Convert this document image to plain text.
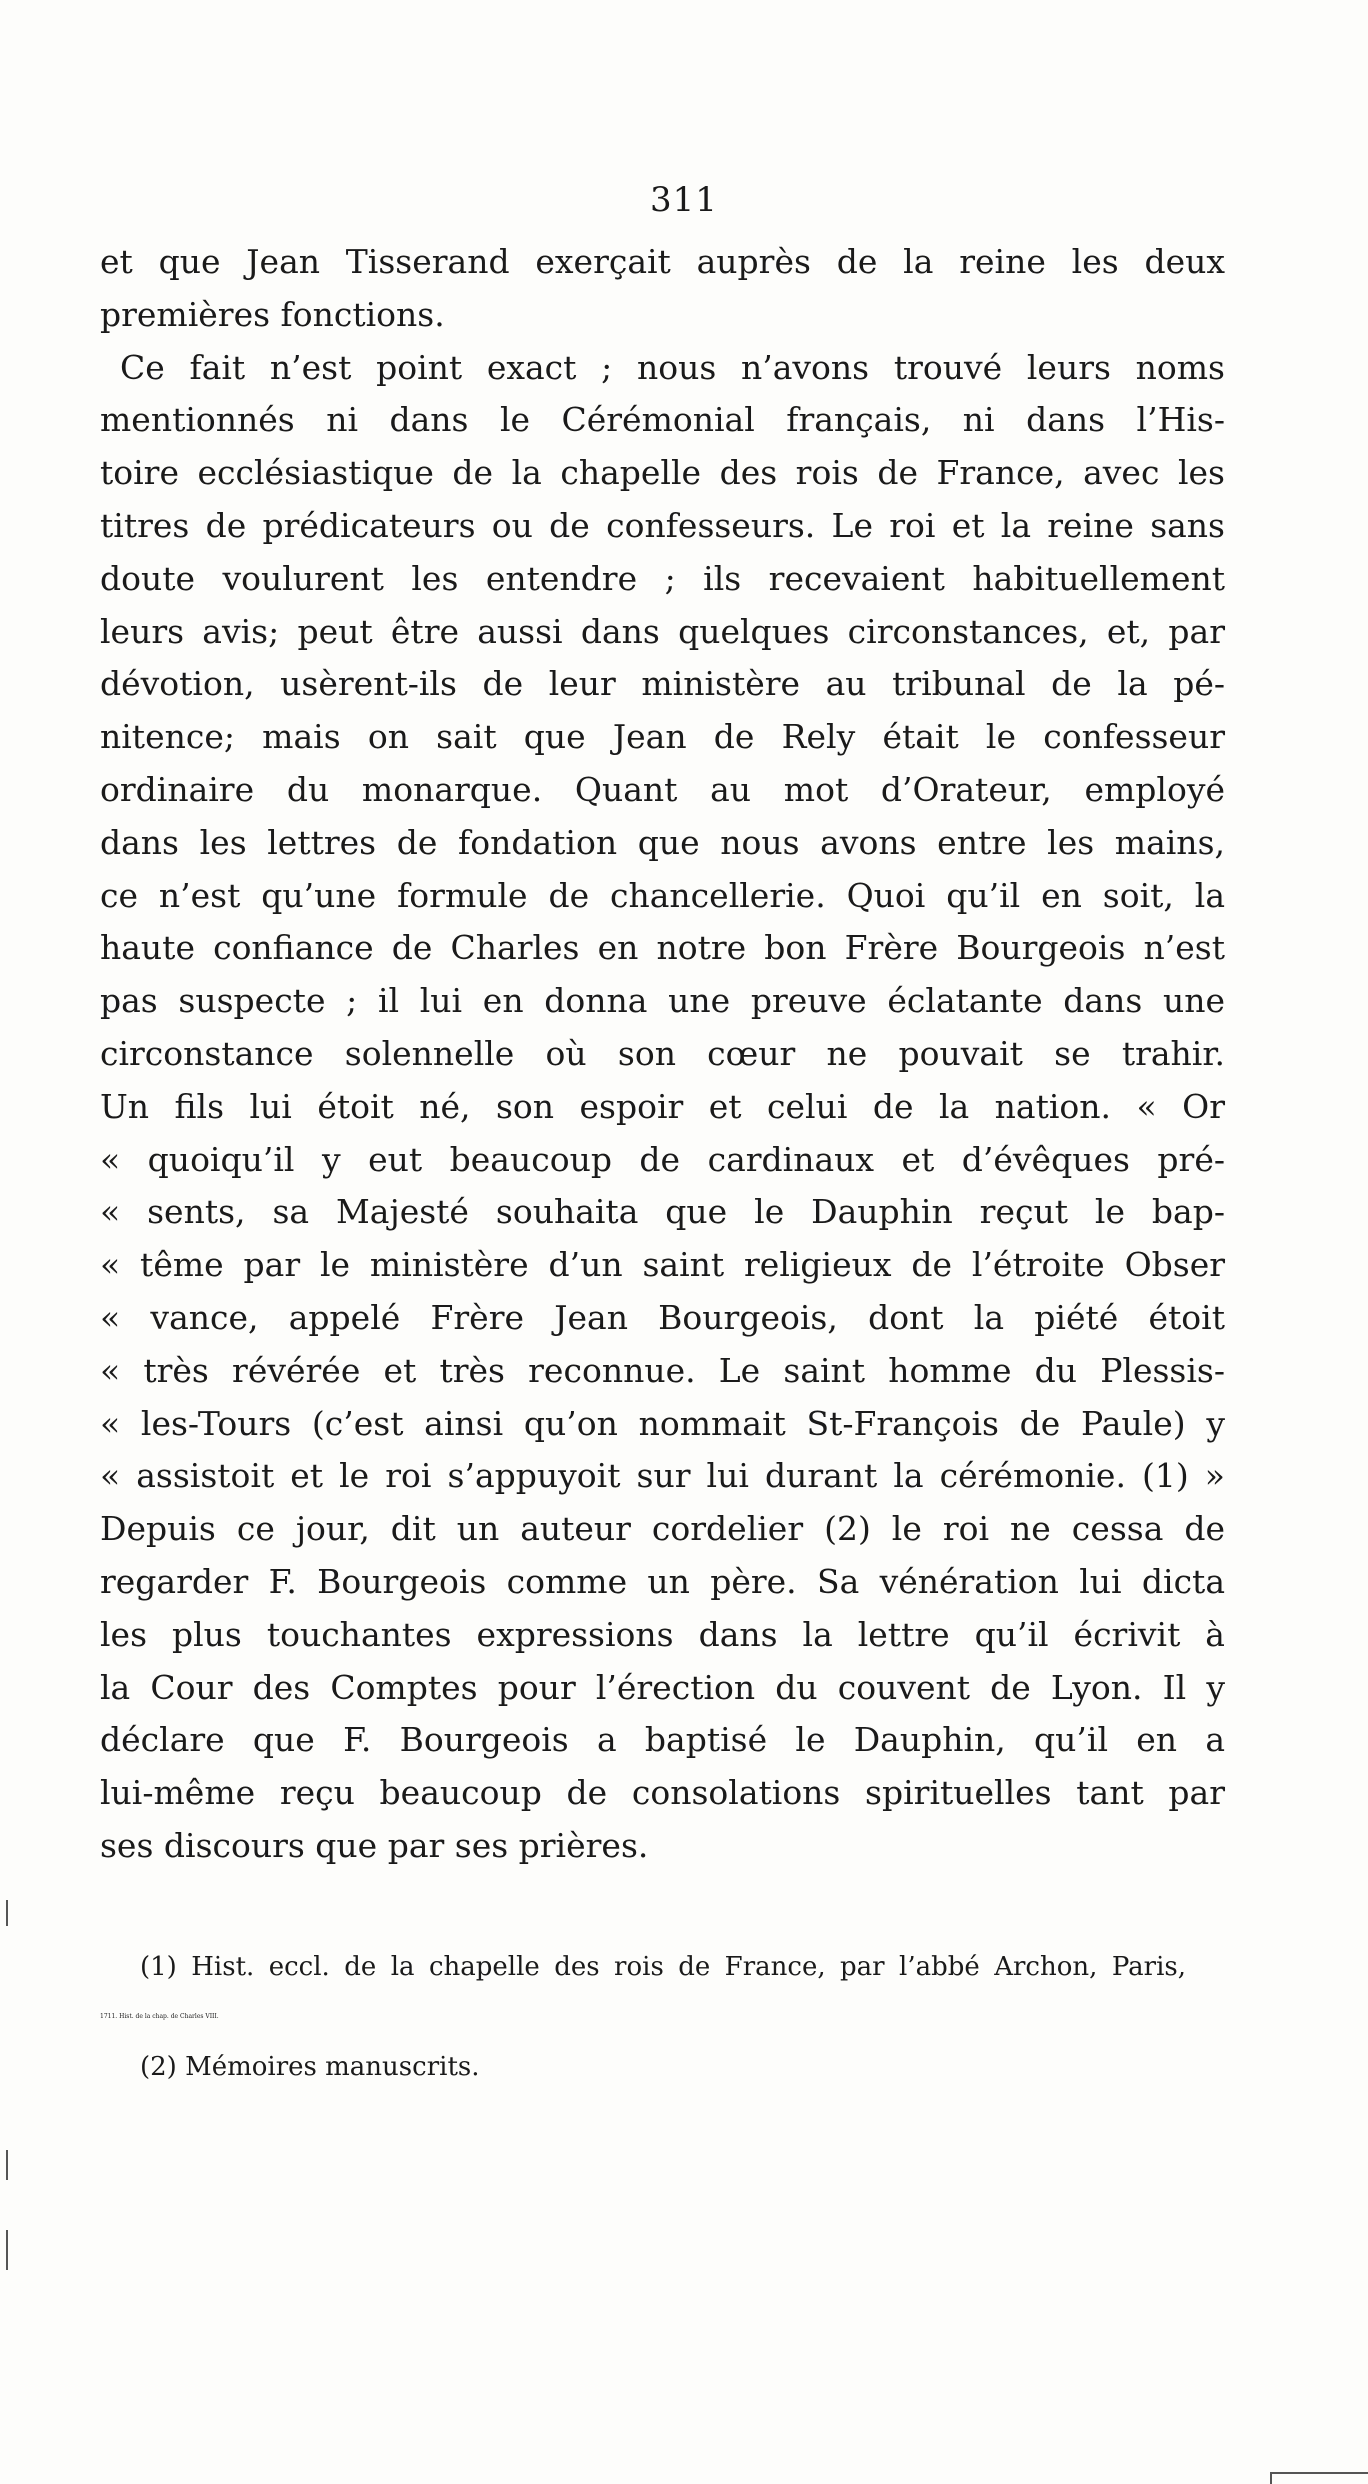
311
et que Jean Tisserand exerçait auprès de la reine les deux
premières fonctions.
Ce fait n’est point exact ; nous n’avons trouvé leurs noms
mentionnés ni dans le Cérémonial français, ni dans l’His-
toire ecclésiastique de la chapelle des rois de France, avec les
titres de prédicateurs ou de confesseurs. Le roi et la reine sans
doute voulurent les entendre ; ils recevaient habituellement
leurs avis; peut être aussi dans quelques circonstances, et, par
dévotion, usèrent-ils de leur ministère au tribunal de la pé-
nitence; mais on sait que Jean de Rely était le confesseur
ordinaire du monarque. Quant au mot d’Orateur, employé
dans les lettres de fondation que nous avons entre les mains,
ce n’est qu’une formule de chancellerie. Quoi qu’il en soit, la
haute confiance de Charles en notre bon Frère Bourgeois n’est
pas suspecte ; il lui en donna une preuve éclatante dans une
circonstance solennelle où son cœur ne pouvait se trahir.
Un fils lui étoit né, son espoir et celui de la nation. « Or
« quoiqu’il y eut beaucoup de cardinaux et d’évêques pré-
« sents, sa Majesté souhaita que le Dauphin reçut le bap-
« tême par le ministère d’un saint religieux de l’étroite Obser
« vance, appelé Frère Jean Bourgeois, dont la piété étoit
« très révérée et très reconnue. Le saint homme du Plessis-
« les-Tours (c’est ainsi qu’on nommait St-François de Paule) y
« assistoit et le roi s’appuyoit sur lui durant la cérémonie. (1) »
Depuis ce jour, dit un auteur cordelier (2) le roi ne cessa de
regarder F. Bourgeois comme un père. Sa vénération lui dicta
les plus touchantes expressions dans la lettre qu’il écrivit à
la Cour des Comptes pour l’érection du couvent de Lyon. Il y
déclare que F. Bourgeois a baptisé le Dauphin, qu’il en a
lui-même reçu beaucoup de consolations spirituelles tant par
ses discours que par ses prières.
(1) Hist. eccl. de la chapelle des rois de France, par l’abbé Archon, Paris,
1711. Hist. de la chap. de Charles VIII.
(2) Mémoires manuscrits.
